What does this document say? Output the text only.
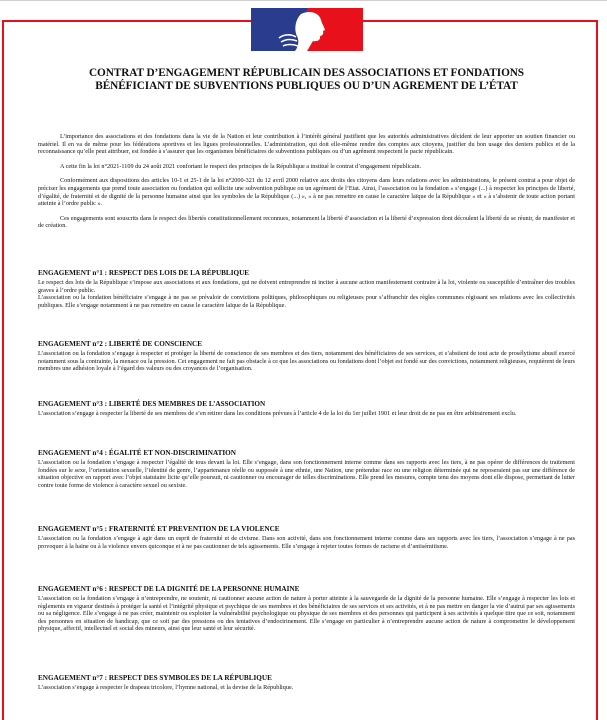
CONTRAT D’ENGAGEMENT RÉPUBLICAIN DES ASSOCIATIONS ET FONDATIONS
BÉNÉFICIANT DE SUBVENTIONS PUBLIQUES OU D’UN AGREMENT DE L’ÉTAT

L’importance des associations et des fondations dans la vie de la Nation et leur contribution à l’intérêt général justifient que les autorités administratives décident de leur apporter un soutien financier ou matériel. Il en va de même pour les fédérations sportives et les ligues professionnelles. L’administration, qui doit elle-même rendre des comptes aux citoyens, justifier du bon usage des deniers publics et de la reconnaissance qu’elle peut attribuer, est fondée à s’assurer que les organismes bénéficiaires de subventions publiques ou d’un agrément respectent le pacte républicain.

A cette fin la loi n°2021-1109 du 24 août 2021 confortant le respect des principes de la République a institué le contrat d’engagement républicain.

Conformément aux dispositions des articles 10-1 et 25-1 de la loi n°2000-321 du 12 avril 2000 relative aux droits des citoyens dans leurs relations avec les administrations, le présent contrat a pour objet de préciser les engagements que prend toute association ou fondation qui sollicite une subvention publique ou un agrément de l’Etat. Ainsi, l’association ou la fondation « s’engage (...) à respecter les principes de liberté, d’égalité, de fraternité et de dignité de la personne humaine ainsi que les symboles de la République (...) », « à ne pas remettre en cause le caractère laïque de la République » et « à s’abstenir de toute action portant atteinte à l’ordre public ».

Ces engagements sont souscrits dans le respect des libertés constitutionnellement reconnues, notamment la liberté d’association et la liberté d’expression dont découlent la liberté de se réunir, de manifester et de création.

ENGAGEMENT n°1 : RESPECT DES LOIS DE LA RÉPUBLIQUE

Le respect des lois de la République s’impose aux associations et aux fondations, qui ne doivent entreprendre ni inciter à aucune action manifestement contraire à la loi, violente ou susceptible d’entraîner des troubles graves à l’ordre public.

L’association ou la fondation bénéficiaire s’engage à ne pas se prévaloir de convictions politiques, philosophiques ou religieuses pour s’affranchir des règles communes régissant ses relations avec les collectivités publiques. Elle s’engage notamment à ne pas remettre en cause le caractère laïque de la République.

ENGAGEMENT n°2 : LIBERTÉ DE CONSCIENCE

L’association ou la fondation s’engage à respecter et protéger la liberté de conscience de ses membres et des tiers, notamment des bénéficiaires de ses services, et s’abstient de tout acte de prosélytisme abusif exercé notamment sous la contrainte, la menace ou la pression. Cet engagement ne fait pas obstacle à ce que les associations ou fondations dont l’objet est fondé sur des convictions, notamment religieuses, requièrent de leurs membres une adhésion loyale à l’égard des valeurs ou des croyances de l’organisation.

ENGAGEMENT n°3 : LIBERTÉ DES MEMBRES DE L’ASSOCIATION

L’association s’engage à respecter la liberté de ses membres de s’en retirer dans les conditions prévues à l’article 4 de la loi du 1er juillet 1901 et leur droit de ne pas en être arbitrairement exclu.

ENGAGEMENT n°4 : ÉGALITÉ ET NON-DISCRIMINATION

L’association ou la fondation s’engage à respecter l’égalité de tous devant la loi. Elle s’engage, dans son fonctionnement interne comme dans ses rapports avec les tiers, à ne pas opérer de différences de traitement fondées sur le sexe, l’orientation sexuelle, l’identité de genre, l’appartenance réelle ou supposée à une ethnie, une Nation, une prétendue race ou une religion déterminée qui ne reposeraient pas sur une différence de situation objective en rapport avec l’objet statutaire licite qu’elle poursuit, ni cautionner ou encourager de telles discriminations. Elle prend les mesures, compte tenu des moyens dont elle dispose, permettant de lutter contre toute forme de violence à caractère sexuel ou sexiste.

ENGAGEMENT n°5 : FRATERNITÉ ET PREVENTION DE LA VIOLENCE

L’association ou la fondation s’engage à agir dans un esprit de fraternité et de civisme. Dans son activité, dans son fonctionnement interne comme dans ses rapports avec les tiers, l’association s’engage à ne pas provoquer à la haine ou à la violence envers quiconque et à ne pas cautionner de tels agissements. Elle s’engage à rejeter toutes formes de racisme et d’antisémitisme.

ENGAGEMENT n°6 : RESPECT DE LA DIGNITÉ DE LA PERSONNE HUMAINE

L’association ou la fondation s’engage à n’entreprendre, ne soutenir, ni cautionner aucune action de nature à porter atteinte à la sauvegarde de la dignité de la personne humaine. Elle s’engage à respecter les lois et règlements en vigueur destinés à protéger la santé et l’intégrité physique et psychique de ses membres et des bénéficiaires de ses services et ses activités, et à ne pas mettre en danger la vie d’autrui par ses agissements ou sa négligence. Elle s’engage à ne pas créer, maintenir ou exploiter la vulnérabilité psychologique ou physique de ses membres et des personnes qui participent à ses activités à quelque titre que ce soit, notamment des personnes en situation de handicap, que ce soit par des pressions ou des tentatives d’endoctrinement. Elle s’engage en particulier à n’entreprendre aucune action de nature à compromettre le développement physique, affectif, intellectuel et social des mineurs, ainsi que leur santé et leur sécurité.

ENGAGEMENT n°7 : RESPECT DES SYMBOLES DE LA RÉPUBLIQUE

L’association s’engage à respecter le drapeau tricolore, l’hymne national, et la devise de la République.
